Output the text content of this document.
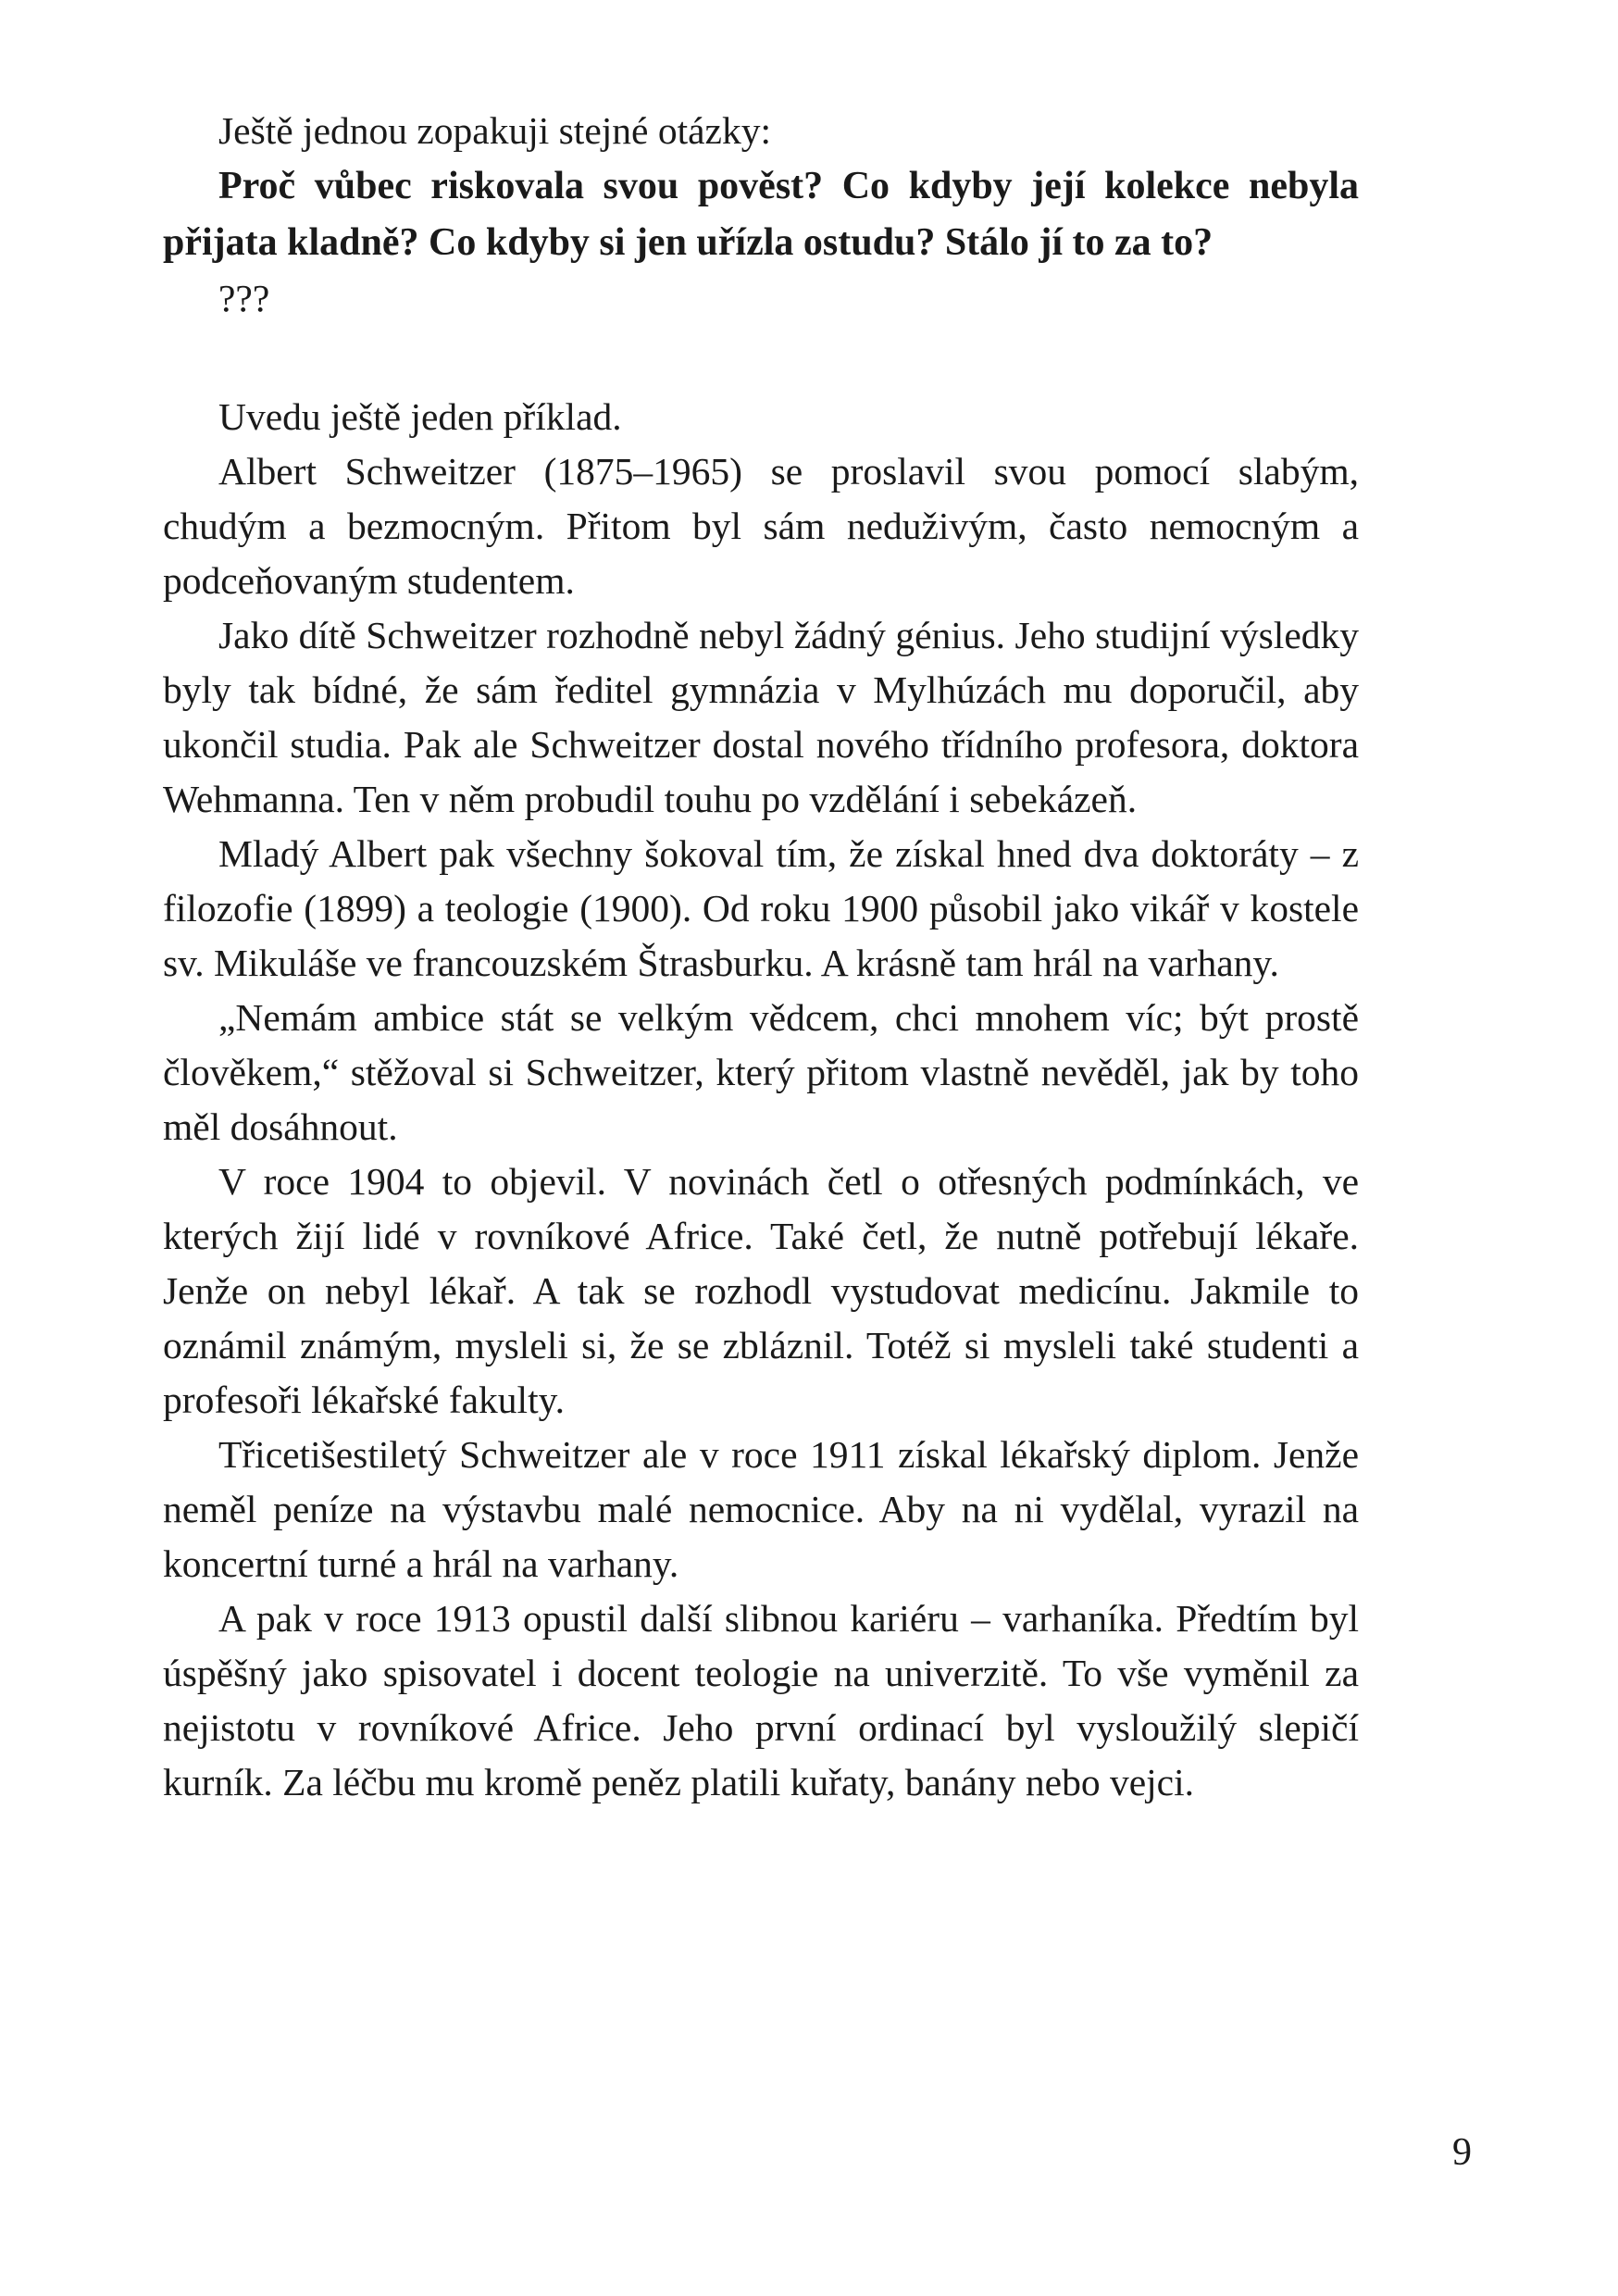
Ještě jednou zopakuji stejné otázky:

Proč vůbec riskovala svou pověst? Co kdyby její kolekce nebyla přijata kladně? Co kdyby si jen uřízla ostudu? Stálo jí to za to?

???

Uvedu ještě jeden příklad.

Albert Schweitzer (1875–1965) se proslavil svou pomocí slabým, chudým a bezmocným. Přitom byl sám neduživým, často nemocným a podceňovaným studentem.

Jako dítě Schweitzer rozhodně nebyl žádný génius. Jeho studijní výsledky byly tak bídné, že sám ředitel gymnázia v Mylhúzách mu doporučil, aby ukončil studia. Pak ale Schweitzer dostal nového třídního profesora, doktora Wehmanna. Ten v něm probudil touhu po vzdělání i sebekázeň.

Mladý Albert pak všechny šokoval tím, že získal hned dva doktoráty – z filozofie (1899) a teologie (1900). Od roku 1900 působil jako vikář v kostele sv. Mikuláše ve francouzském Štrasburku. A krásně tam hrál na varhany.

„Nemám ambice stát se velkým vědcem, chci mnohem víc; být prostě člověkem,“ stěžoval si Schweitzer, který přitom vlastně nevěděl, jak by toho měl dosáhnout.

V roce 1904 to objevil. V novinách četl o otřesných podmínkách, ve kterých žijí lidé v rovníkové Africe. Také četl, že nutně potřebují lékaře. Jenže on nebyl lékař. A tak se rozhodl vystudovat medicínu. Jakmile to oznámil známým, mysleli si, že se zbláznil. Totéž si mysleli také studenti a profesoři lékařské fakulty.

Třicetišestiletý Schweitzer ale v roce 1911 získal lékařský diplom. Jenže neměl peníze na výstavbu malé nemocnice. Aby na ni vydělal, vyrazil na koncertní turné a hrál na varhany.

A pak v roce 1913 opustil další slibnou kariéru – varhaníka. Předtím byl úspěšný jako spisovatel i docent teologie na univerzitě. To vše vyměnil za nejistotu v rovníkové Africe. Jeho první ordinací byl vysloužilý slepičí kurník. Za léčbu mu kromě peněz platili kuřaty, banány nebo vejci.

9
